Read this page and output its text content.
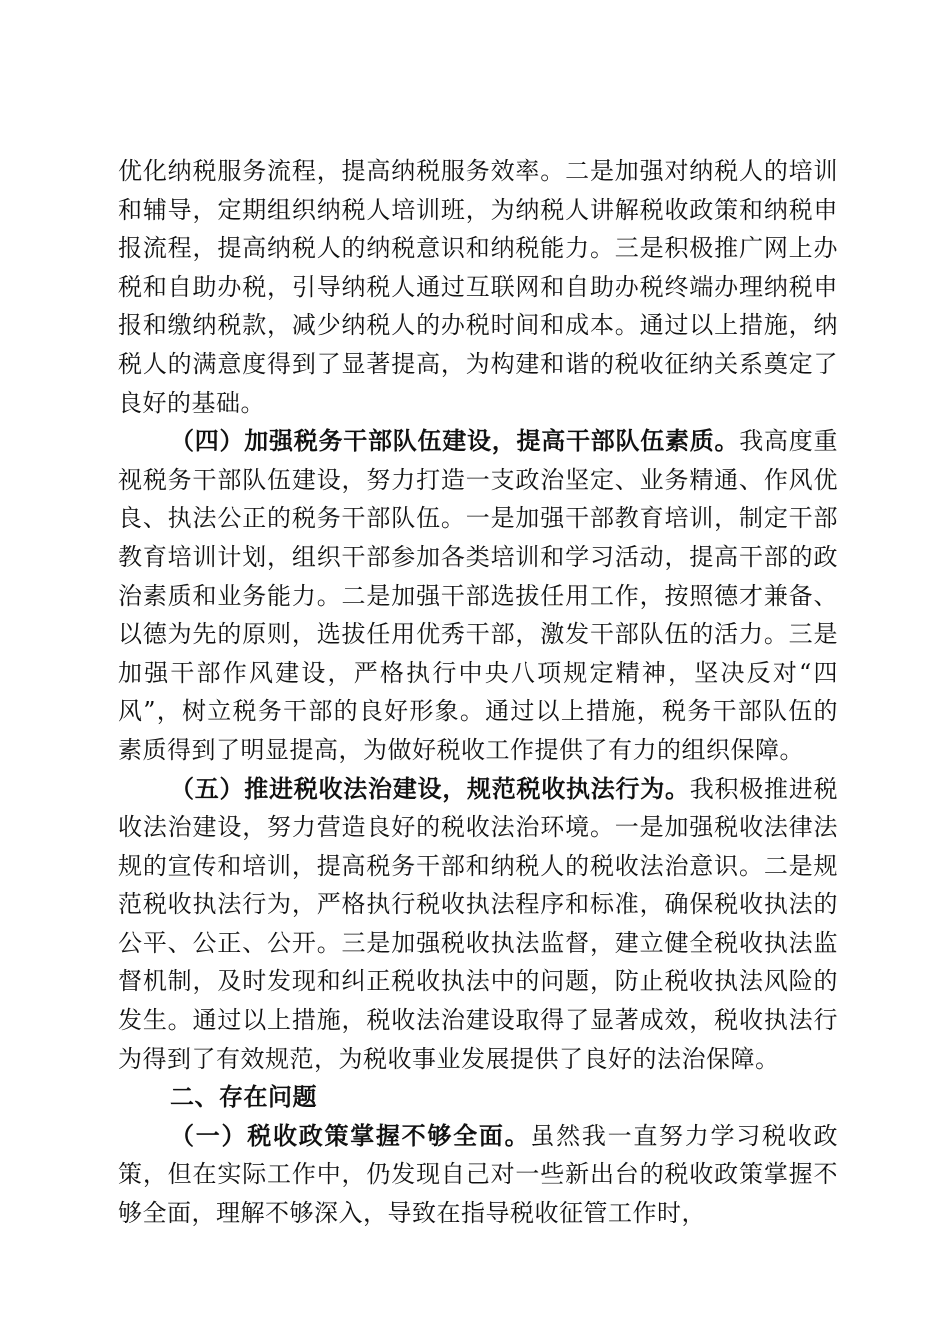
优化纳税服务流程，提高纳税服务效率。二是加强对纳税人的培训和辅导，定期组织纳税人培训班，为纳税人讲解税收政策和纳税申报流程，提高纳税人的纳税意识和纳税能力。三是积极推广网上办税和自助办税，引导纳税人通过互联网和自助办税终端办理纳税申报和缴纳税款，减少纳税人的办税时间和成本。通过以上措施，纳税人的满意度得到了显著提高，为构建和谐的税收征纳关系奠定了良好的基础。

（四）加强税务干部队伍建设，提高干部队伍素质。我高度重视税务干部队伍建设，努力打造一支政治坚定、业务精通、作风优良、执法公正的税务干部队伍。一是加强干部教育培训，制定干部教育培训计划，组织干部参加各类培训和学习活动，提高干部的政治素质和业务能力。二是加强干部选拔任用工作，按照德才兼备、以德为先的原则，选拔任用优秀干部，激发干部队伍的活力。三是加强干部作风建设，严格执行中央八项规定精神，坚决反对“四风”，树立税务干部的良好形象。通过以上措施，税务干部队伍的素质得到了明显提高，为做好税收工作提供了有力的组织保障。

（五）推进税收法治建设，规范税收执法行为。我积极推进税收法治建设，努力营造良好的税收法治环境。一是加强税收法律法规的宣传和培训，提高税务干部和纳税人的税收法治意识。二是规范税收执法行为，严格执行税收执法程序和标准，确保税收执法的公平、公正、公开。三是加强税收执法监督，建立健全税收执法监督机制，及时发现和纠正税收执法中的问题，防止税收执法风险的发生。通过以上措施，税收法治建设取得了显著成效，税收执法行为得到了有效规范，为税收事业发展提供了良好的法治保障。

二、存在问题

（一）税收政策掌握不够全面。虽然我一直努力学习税收政策，但在实际工作中，仍发现自己对一些新出台的税收政策掌握不够全面，理解不够深入，导致在指导税收征管工作时，
